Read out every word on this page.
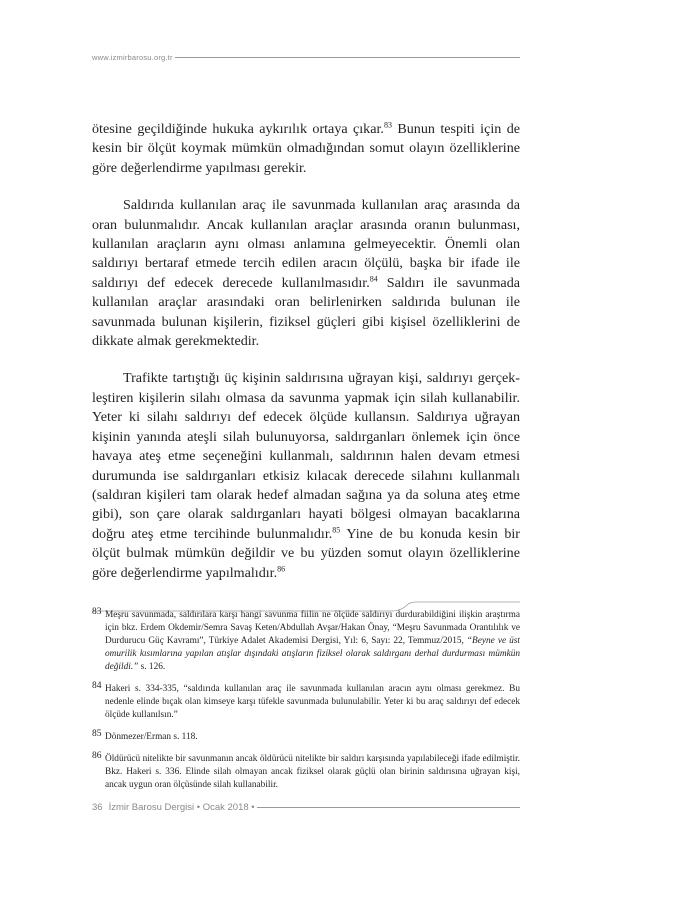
www.izmirbarosu.org.tr

ötesine geçildiğinde hukuka aykırılık ortaya çıkar.$^{83}$ Bunun tespiti için de kesin bir ölçüt koymak mümkün olmadığından somut olayın özelliklerine göre değerlendirme yapılması gerekir.

Saldırıda kullanılan araç ile savunmada kullanılan araç arasında da oran bulunmalıdır. Ancak kullanılan araçlar arasında oranın bulunması, kullanılan araçların aynı olması anlamına gelmeyecektir. Önemli olan saldırıyı bertaraf etmede tercih edilen aracın ölçülü, başka bir ifade ile saldırıyı def edecek derecede kullanılmasıdır.$^{84}$ Saldırı ile savunmada kullanılan araçlar arasındaki oran belirlenirken saldırıda bulunan ile savunmada bulunan kişilerin, fiziksel güçleri gibi kişisel özelliklerini de dikkate almak gerekmektedir.

Trafikte tartıştığı üç kişinin saldırısına uğrayan kişi, saldırıyı gerçekleştiren kişilerin silahı olmasa da savunma yapmak için silah kullanabilir. Yeter ki silahı saldırıyı def edecek ölçüde kullansın. Saldırıya uğrayan kişinin yanında ateşli silah bulunuyorsa, saldırganları önlemek için önce havaya ateş etme seçeneğini kullanmalı, saldırının halen devam etmesi durumunda ise saldırganları etkisiz kılacak derecede silahını kullanmalı (saldıran kişileri tam olarak hedef almadan sağına ya da soluna ateş etme gibi), son çare olarak saldırganları hayati bölgesi olmayan bacaklarına doğru ateş etme tercihinde bulunmalıdır.$^{85}$ Yine de bu konuda kesin bir ölçüt bulmak mümkün değildir ve bu yüzden somut olayın özelliklerine göre değerlendirme yapılmalıdır.$^{86}$

83 Meşru savunmada, saldırılara karşı hangi savunma fiilin ne ölçüde saldırıyı durdurabildiğini ilişkin araştırma için bkz. Erdem Okdemir/Semra Savaş Keten/Abdullah Avşar/Hakan Önay, “Meşru Savunmada Orantılılık ve Durdurucu Güç Kavramı”, Türkiye Adalet Akademisi Dergisi, Yıl: 6, Sayı: 22, Temmuz/2015, “Beyne ve üst omurilik kısımlarına yapılan atışlar dışındaki atışların fiziksel olarak saldırganı derhal durdurması mümkün değildi.” s. 126.
84 Hakeri s. 334-335, “saldırıda kullanılan araç ile savunmada kullanılan aracın aynı olması gerekmez. Bu nedenle elinde bıçak olan kimseye karşı tüfekle savunmada bulunulabilir. Yeter ki bu araç saldırıyı def edecek ölçüde kullanılsın.”
85 Dönmezer/Erman s. 118.
86 Öldürücü nitelikte bir savunmanın ancak öldürücü nitelikte bir saldırı karşısında yapılabileceği ifade edilmiştir. Bkz. Hakeri s. 336. Elinde silah olmayan ancak fiziksel olarak güçlü olan birinin saldırısına uğrayan kişi, ancak uygun oran ölçüsünde silah kullanabilir.
36 İzmir Barosu Dergisi • Ocak 2018 •
